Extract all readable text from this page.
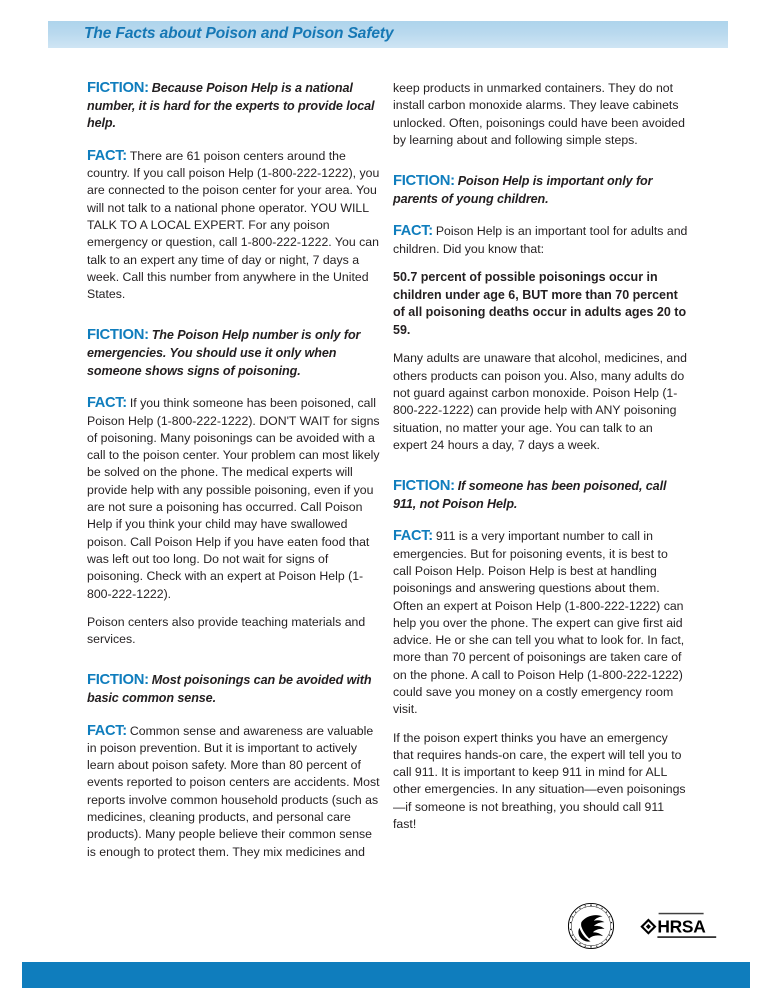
The Facts about Poison and Poison Safety

FICTION: Because Poison Help is a national number, it is hard for the experts to provide local help.

FACT: There are 61 poison centers around the country. If you call poison Help (1-800-222-1222), you are connected to the poison center for your area. You will not talk to a national phone operator. YOU WILL TALK TO A LOCAL EXPERT. For any poison emergency or question, call 1-800-222-1222. You can talk to an expert any time of day or night, 7 days a week. Call this number from anywhere in the United States.

FICTION: The Poison Help number is only for emergencies. You should use it only when someone shows signs of poisoning.

FACT: If you think someone has been poisoned, call Poison Help (1-800-222-1222). DON'T WAIT for signs of poisoning. Many poisonings can be avoided with a call to the poison center. Your problem can most likely be solved on the phone. The medical experts will provide help with any possible poisoning, even if you are not sure a poisoning has occurred. Call Poison Help if you think your child may have swallowed poison. Call Poison Help if you have eaten food that was left out too long. Do not wait for signs of poisoning. Check with an expert at Poison Help (1-800-222-1222).

Poison centers also provide teaching materials and services.

FICTION: Most poisonings can be avoided with basic common sense.

FACT: Common sense and awareness are valuable in poison prevention. But it is important to actively learn about poison safety. More than 80 percent of events reported to poison centers are accidents. Most reports involve common household products (such as medicines, cleaning products, and personal care products). Many people believe their common sense is enough to protect them. They mix medicines and

keep products in unmarked containers. They do not install carbon monoxide alarms. They leave cabinets unlocked. Often, poisonings could have been avoided by learning about and following simple steps.

FICTION: Poison Help is important only for parents of young children.

FACT: Poison Help is an important tool for adults and children. Did you know that:

50.7 percent of possible poisonings occur in children under age 6, BUT more than 70 percent of all poisoning deaths occur in adults ages 20 to 59.

Many adults are unaware that alcohol, medicines, and others products can poison you. Also, many adults do not guard against carbon monoxide. Poison Help (1-800-222-1222) can provide help with ANY poisoning situation, no matter your age. You can talk to an expert 24 hours a day, 7 days a week.

FICTION: If someone has been poisoned, call 911, not Poison Help.

FACT: 911 is a very important number to call in emergencies. But for poisoning events, it is best to call Poison Help. Poison Help is best at handling poisonings and answering questions about them. Often an expert at Poison Help (1-800-222-1222) can help you over the phone. The expert can give first aid advice. He or she can tell you what to look for. In fact, more than 70 percent of poisonings are taken care of on the phone. A call to Poison Help (1-800-222-1222) could save you money on a costly emergency room visit.

If the poison expert thinks you have an emergency that requires hands-on care, the expert will tell you to call 911. It is important to keep 911 in mind for ALL other emergencies. In any situation—even poisonings—if someone is not breathing, you should call 911 fast!

HRSA
